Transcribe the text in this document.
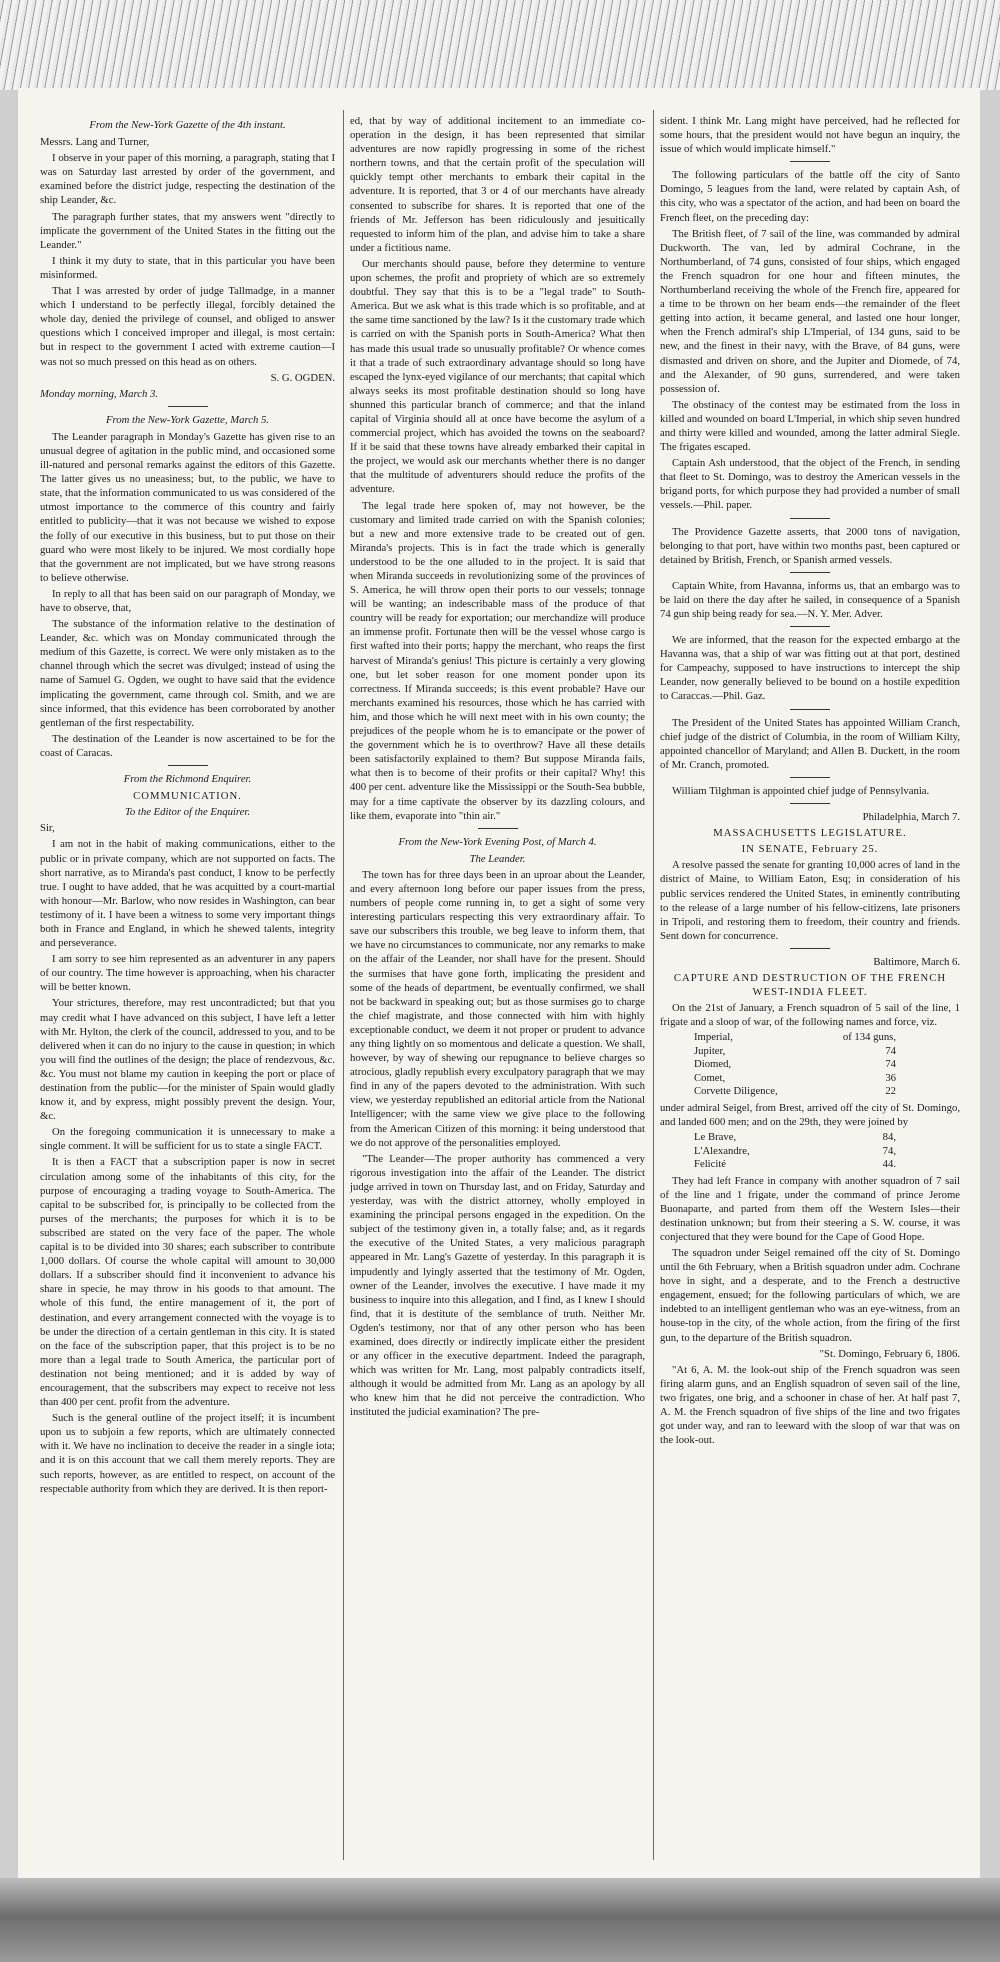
From the New-York Gazette of the 4th instant.

Messrs. Lang and Turner,

I observe in your paper of this morning, a paragraph, stating that I was on Saturday last arrested by order of the government, and examined before the district judge, respecting the destination of the ship Leander, &c.

The paragraph further states, that my answers went "directly to implicate the government of the United States in the fitting out the Leander."

I think it my duty to state, that in this particular you have been misinformed.

That I was arrested by order of judge Tallmadge, in a manner which I understand to be perfectly illegal, forcibly detained the whole day, denied the privilege of counsel, and obliged to answer questions which I conceived improper and illegal, is most certain: but in respect to the government I acted with extreme caution—I was not so much pressed on this head as on others.

S. G. OGDEN.

Monday morning, March 3.

From the New-York Gazette, March 5.

The Leander paragraph in Monday's Gazette has given rise to an unusual degree of agitation in the public mind, and occasioned some ill-natured and personal remarks against the editors of this Gazette. The latter gives us no uneasiness; but, to the public, we have to state, that the information communicated to us was considered of the utmost importance to the commerce of this country and fairly entitled to publicity—that it was not because we wished to expose the folly of our executive in this business, but to put those on their guard who were most likely to be injured. We most cordially hope that the government are not implicated, but we have strong reasons to believe otherwise.

In reply to all that has been said on our paragraph of Monday, we have to observe, that,

The substance of the information relative to the destination of Leander, &c. which was on Monday communicated through the medium of this Gazette, is correct. We were only mistaken as to the channel through which the secret was divulged; instead of using the name of Samuel G. Ogden, we ought to have said that the evidence implicating the government, came through col. Smith, and we are since informed, that this evidence has been corroborated by another gentleman of the first respectability.

The destination of the Leander is now ascertained to be for the coast of Caracas.

From the Richmond Enquirer.

COMMUNICATION.

To the Editor of the Enquirer.

Sir,

I am not in the habit of making communications, either to the public or in private company, which are not supported on facts. The short narrative, as to Miranda's past conduct, I know to be perfectly true. I ought to have added, that he was acquitted by a court-martial with honour—Mr. Barlow, who now resides in Washington, can bear testimony of it. I have been a witness to some very important things both in France and England, in which he shewed talents, integrity and perseverance.

I am sorry to see him represented as an adventurer in any papers of our country. The time however is approaching, when his character will be better known.

Your strictures, therefore, may rest uncontradicted; but that you may credit what I have advanced on this subject, I have left a letter with Mr. Hylton, the clerk of the council, addressed to you, and to be delivered when it can do no injury to the cause in question; in which you will find the outlines of the design; the place of rendezvous, &c. &c. You must not blame my caution in keeping the port or place of destination from the public—for the minister of Spain would gladly know it, and by express, might possibly prevent the design. Your, &c.

On the foregoing communication it is unnecessary to make a single comment. It will be sufficient for us to state a single FACT.

It is then a FACT that a subscription paper is now in secret circulation among some of the inhabitants of this city, for the purpose of encouraging a trading voyage to South-America. The capital to be subscribed for, is principally to be collected from the purses of the merchants; the purposes for which it is to be subscribed are stated on the very face of the paper. The whole capital is to be divided into 30 shares; each subscriber to contribute 1,000 dollars. Of course the whole capital will amount to 30,000 dollars. If a subscriber should find it inconvenient to advance his share in specie, he may throw in his goods to that amount. The whole of this fund, the entire management of it, the port of destination, and every arrangement connected with the voyage is to be under the direction of a certain gentleman in this city. It is stated on the face of the subscription paper, that this project is to be no more than a legal trade to South America, the particular port of destination not being mentioned; and it is added by way of encouragement, that the subscribers may expect to receive not less than 400 per cent. profit from the adventure.

Such is the general outline of the project itself; it is incumbent upon us to subjoin a few reports, which are ultimately connected with it. We have no inclination to deceive the reader in a single iota; and it is on this account that we call them merely reports. They are such reports, however, as are entitled to respect, on account of the respectable authority from which they are derived. It is then report-

ed, that by way of additional incitement to an immediate co-operation in the design, it has been represented that similar adventures are now rapidly progressing in some of the richest northern towns, and that the certain profit of the speculation will quickly tempt other merchants to embark their capital in the adventure. It is reported, that 3 or 4 of our merchants have already consented to subscribe for shares. It is reported that one of the friends of Mr. Jefferson has been ridiculously and jesuitically requested to inform him of the plan, and advise him to take a share under a fictitious name.

Our merchants should pause, before they determine to venture upon schemes, the profit and propriety of which are so extremely doubtful. They say that this is to be a "legal trade" to South-America. But we ask what is this trade which is so profitable, and at the same time sanctioned by the law? Is it the customary trade which is carried on with the Spanish ports in South-America? What then has made this usual trade so unusually profitable? Or whence comes it that a trade of such extraordinary advantage should so long have escaped the lynx-eyed vigilance of our merchants; that capital which always seeks its most profitable destination should so long have shunned this particular branch of commerce; and that the inland capital of Virginia should all at once have become the asylum of a commercial project, which has avoided the towns on the seaboard? If it be said that these towns have already embarked their capital in the project, we would ask our merchants whether there is no danger that the multitude of adventurers should reduce the profits of the adventure.

The legal trade here spoken of, may not however, be the customary and limited trade carried on with the Spanish colonies; but a new and more extensive trade to be created out of gen. Miranda's projects. This is in fact the trade which is generally understood to be the one alluded to in the project. It is said that when Miranda succeeds in revolutionizing some of the provinces of S. America, he will throw open their ports to our vessels; tonnage will be wanting; an indescribable mass of the produce of that country will be ready for exportation; our merchandize will produce an immense profit. Fortunate then will be the vessel whose cargo is first wafted into their ports; happy the merchant, who reaps the first harvest of Miranda's genius! This picture is certainly a very glowing one, but let sober reason for one moment ponder upon its correctness. If Miranda succeeds; is this event probable? Have our merchants examined his resources, those which he has carried with him, and those which he will next meet with in his own county; the prejudices of the people whom he is to emancipate or the power of the government which he is to overthrow? Have all these details been satisfactorily explained to them? But suppose Miranda fails, what then is to become of their profits or their capital? Why! this 400 per cent. adventure like the Mississippi or the South-Sea bubble, may for a time captivate the observer by its dazzling colours, and like them, evaporate into "thin air."

From the New-York Evening Post, of March 4.

The Leander.

The town has for three days been in an uproar about the Leander, and every afternoon long before our paper issues from the press, numbers of people come running in, to get a sight of some very interesting particulars respecting this very extraordinary affair. To save our subscribers this trouble, we beg leave to inform them, that we have no circumstances to communicate, nor any remarks to make on the affair of the Leander, nor shall have for the present. Should the surmises that have gone forth, implicating the president and some of the heads of department, be eventually confirmed, we shall not be backward in speaking out; but as those surmises go to charge the chief magistrate, and those connected with him with highly exceptionable conduct, we deem it not proper or prudent to advance any thing lightly on so momentous and delicate a question. We shall, however, by way of shewing our repugnance to believe charges so atrocious, gladly republish every exculpatory paragraph that we may find in any of the papers devoted to the administration. With such view, we yesterday republished an editorial article from the National Intelligencer; with the same view we give place to the following from the American Citizen of this morning: it being understood that we do not approve of the personalities employed.

"The Leander—The proper authority has commenced a very rigorous investigation into the affair of the Leander. The district judge arrived in town on Thursday last, and on Friday, Saturday and yesterday, was with the district attorney, wholly employed in examining the principal persons engaged in the expedition. On the subject of the testimony given in, a totally false; and, as it regards the executive of the United States, a very malicious paragraph appeared in Mr. Lang's Gazette of yesterday. In this paragraph it is impudently and lyingly asserted that the testimony of Mr. Ogden, owner of the Leander, involves the executive. I have made it my business to inquire into this allegation, and I find, as I knew I should find, that it is destitute of the semblance of truth. Neither Mr. Ogden's testimony, nor that of any other person who has been examined, does directly or indirectly implicate either the president or any officer in the executive department. Indeed the paragraph, which was written for Mr. Lang, most palpably contradicts itself, although it would be admitted from Mr. Lang as an apology by all who knew him that he did not perceive the contradiction. Who instituted the judicial examination? The pre-

sident. I think Mr. Lang might have perceived, had he reflected for some hours, that the president would not have begun an inquiry, the issue of which would implicate himself."

The following particulars of the battle off the city of Santo Domingo, 5 leagues from the land, were related by captain Ash, of this city, who was a spectator of the action, and had been on board the French fleet, on the preceding day:

The British fleet, of 7 sail of the line, was commanded by admiral Duckworth. The van, led by admiral Cochrane, in the Northumberland, of 74 guns, consisted of four ships, which engaged the French squadron for one hour and fifteen minutes, the Northumberland receiving the whole of the French fire, appeared for a time to be thrown on her beam ends—the remainder of the fleet getting into action, it became general, and lasted one hour longer, when the French admiral's ship L'Imperial, of 134 guns, said to be new, and the finest in their navy, with the Brave, of 84 guns, were dismasted and driven on shore, and the Jupiter and Diomede, of 74, and the Alexander, of 90 guns, surrendered, and were taken possession of.

The obstinacy of the contest may be estimated from the loss in killed and wounded on board L'Imperial, in which ship seven hundred and thirty were killed and wounded, among the latter admiral Siegle. The frigates escaped.

Captain Ash understood, that the object of the French, in sending that fleet to St. Domingo, was to destroy the American vessels in the brigand ports, for which purpose they had provided a number of small vessels.—Phil. paper.

The Providence Gazette asserts, that 2000 tons of navigation, belonging to that port, have within two months past, been captured or detained by British, French, or Spanish armed vessels.

Captain White, from Havanna, informs us, that an embargo was to be laid on there the day after he sailed, in consequence of a Spanish 74 gun ship being ready for sea.—N. Y. Mer. Adver.

We are informed, that the reason for the expected embargo at the Havanna was, that a ship of war was fitting out at that port, destined for Campeachy, supposed to have instructions to intercept the ship Leander, now generally believed to be bound on a hostile expedition to Caraccas.—Phil. Gaz.

The President of the United States has appointed William Cranch, chief judge of the district of Columbia, in the room of William Kilty, appointed chancellor of Maryland; and Allen B. Duckett, in the room of Mr. Cranch, promoted.

William Tilghman is appointed chief judge of Pennsylvania.

Philadelphia, March 7.

MASSACHUSETTS LEGISLATURE.

IN SENATE, February 25.

A resolve passed the senate for granting 10,000 acres of land in the district of Maine, to William Eaton, Esq; in consideration of his public services rendered the United States, in eminently contributing to the release of a large number of his fellow-citizens, late prisoners in Tripoli, and restoring them to freedom, their country and friends. Sent down for concurrence.

Baltimore, March 6.

CAPTURE AND DESTRUCTION OF THE FRENCH WEST-INDIA FLEET.

On the 21st of January, a French squadron of 5 sail of the line, 1 frigate and a sloop of war, of the following names and force, viz.

Imperial,	of 134 guns,
Jupiter,	74
Diomed,	74
Comet,	36
Corvette Diligence,	22

under admiral Seigel, from Brest, arrived off the city of St. Domingo, and landed 600 men; and on the 29th, they were joined by

Le Brave,	84,
L'Alexandre,	74,
Felicité	44.

They had left France in company with another squadron of 7 sail of the line and 1 frigate, under the command of prince Jerome Buonaparte, and parted from them off the Western Isles—their destination unknown; but from their steering a S. W. course, it was conjectured that they were bound for the Cape of Good Hope.

The squadron under Seigel remained off the city of St. Domingo until the 6th February, when a British squadron under adm. Cochrane hove in sight, and a desperate, and to the French a destructive engagement, ensued; for the following particulars of which, we are indebted to an intelligent gentleman who was an eye-witness, from an house-top in the city, of the whole action, from the firing of the first gun, to the departure of the British squadron.

"St. Domingo, February 6, 1806.

"At 6, A. M. the look-out ship of the French squadron was seen firing alarm guns, and an English squadron of seven sail of the line, two frigates, one brig, and a schooner in chase of her. At half past 7, A. M. the French squadron of five ships of the line and two frigates got under way, and ran to leeward with the sloop of war that was on the look-out.
